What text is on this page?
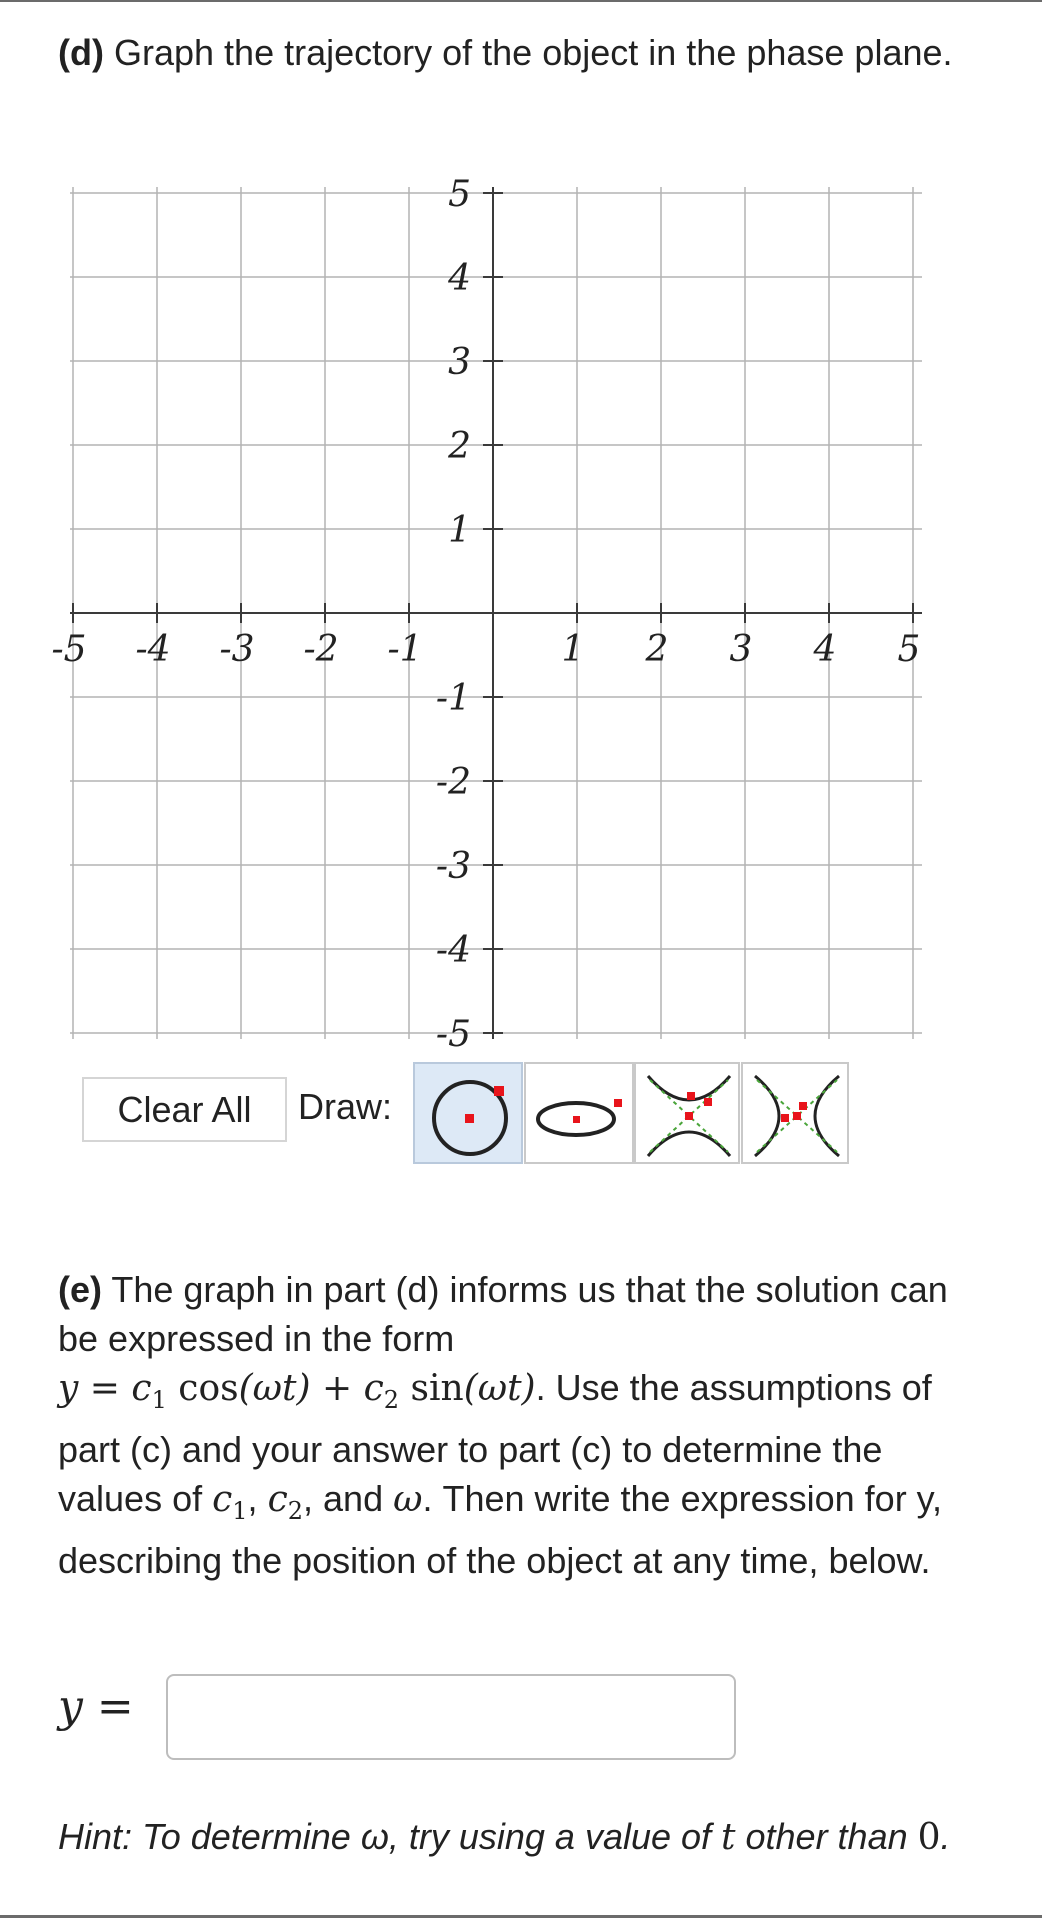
(d) Graph the trajectory of the object in the phase plane.
-5 -4 -3 -2 -1	1 2 3 4 5
5
4
3
2
1
-1
-2
-3
-4
-5
Clear All	Draw:
(e) The graph in part (d) informs us that the solution can be expressed in the form
$y = c_1$ $\cos(\omega t) + c_2$ sin(ωt). Use the assumptions of part (c) and your answer to part (c) to determine the values of $c_1$, $c_2$, and ω. Then write the expression for y, describing the position of the object at any time, below.
y =
Hint: To determine ω, try using a value of t other than 0.
